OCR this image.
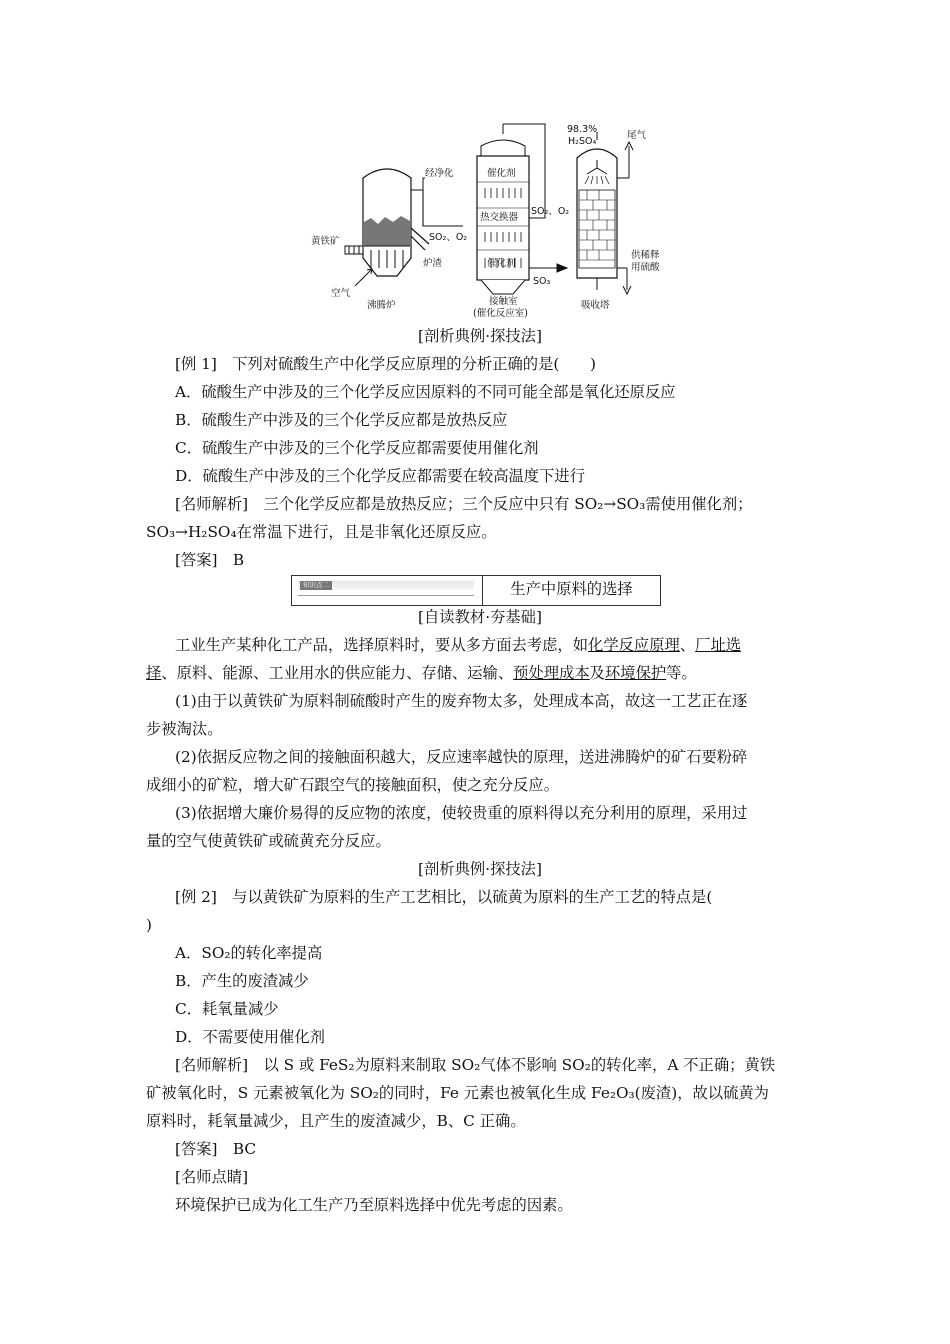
98.3%
H₂SO₄
尾气
经净化	催化剂
热交换器
SO₂、O₂
SO₂、O₂
催化剂
SO₃
黄铁矿
炉渣
空气
沸腾炉	接触室
(催化反应室)
吸收塔
供稀释
用硫酸
[剖析典例·探技法]
[例 1]　 下列对硫酸生产中化学反应原理的分析正确的是(　　)
A．硫酸生产中涉及的三个化学反应因原料的不同可能全部是氧化还原反应
B．硫酸生产中涉及的三个化学反应都是放热反应
C．硫酸生产中涉及的三个化学反应都需要使用催化剂
D．硫酸生产中涉及的三个化学反应都需要在较高温度下进行
[名师解析]　 三个化学反应都是放热反应；三个反应中只有 SO₂→SO₃需使用催化剂；
SO₃→H₂SO₄在常温下进行，且是非氧化还原反应。
[答案]　 B
知识点二	生产中原料的选择
[自读教材·夯基础]
工业生产某种化工产品，选择原料时，要从多方面去考虑，如化学反应原理、厂址选
择、原料、能源、工业用水的供应能力、存储、运输、预处理成本及环境保护等。
(1)由于以黄铁矿为原料制硫酸时产生的废弃物太多，处理成本高，故这一工艺正在逐
步被淘汰。
(2)依据反应物之间的接触面积越大，反应速率越快的原理，送进沸腾炉的矿石要粉碎
成细小的矿粒，增大矿石跟空气的接触面积，使之充分反应。
(3)依据增大廉价易得的反应物的浓度，使较贵重的原料得以充分利用的原理，采用过
量的空气使黄铁矿或硫黄充分反应。
[剖析典例·探技法]
[例 2]　 与以黄铁矿为原料的生产工艺相比，以硫黄为原料的生产工艺的特点是(
)
A．SO₂的转化率提高
B．产生的废渣减少
C．耗氧量减少
D．不需要使用催化剂
[名师解析]　 以 S 或 FeS₂为原料来制取 SO₂气体不影响 SO₂的转化率，A 不正确；黄铁
矿被氧化时，S 元素被氧化为 SO₂的同时，Fe 元素也被氧化生成 Fe₂O₃(废渣)，故以硫黄为
原料时，耗氧量减少，且产生的废渣减少，B、C 正确。
[答案]　 BC
[名师点睛]
环境保护已成为化工生产乃至原料选择中优先考虑的因素。
